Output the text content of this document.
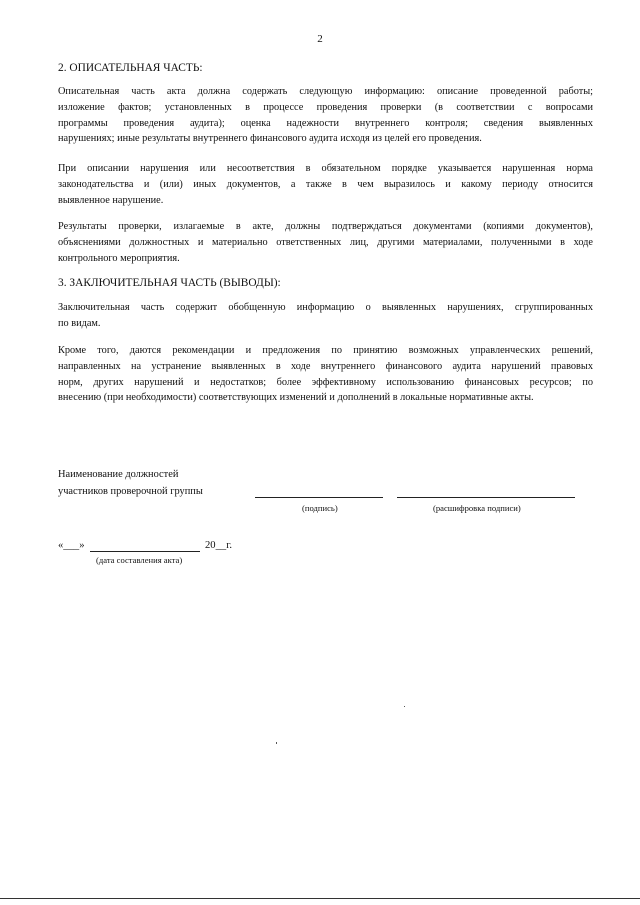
2
2. ОПИСАТЕЛЬНАЯ ЧАСТЬ:
Описательная часть акта должна содержать следующую информацию: описание проведенной работы;
изложение фактов; установленных в процессе проведения проверки (в соответствии с вопросами
программы проведения аудита); оценка надежности внутреннего контроля; сведения выявленных
нарушениях; иные результаты внутреннего финансового аудита исходя из целей его проведения.
При описании нарушения или несоответствия в обязательном порядке указывается нарушенная норма
законодательства и (или) иных документов, а также в чем выразилось и какому периоду относится
выявленное нарушение.
Результаты проверки, излагаемые в акте, должны подтверждаться документами (копиями документов),
объяснениями должностных и материально ответственных лиц, другими материалами, полученными в ходе
контрольного мероприятия.
3. ЗАКЛЮЧИТЕЛЬНАЯ ЧАСТЬ (ВЫВОДЫ):
Заключительная часть содержит обобщенную информацию о выявленных нарушениях, сгруппированных
по видам.
Кроме того, даются рекомендации и предложения по принятию возможных управленческих решений,
направленных на устранение выявленных в ходе внутреннего финансового аудита нарушений правовых
норм, других нарушений и недостатков; более эффективному использованию финансовых ресурсов; по
внесению (при необходимости) соответствующих изменений и дополнений в локальные нормативные акты.
Наименование должностей
участников проверочной группы
(подпись)	(расшифровка подписи)
«___»	20__г.
(дата составления акта)
